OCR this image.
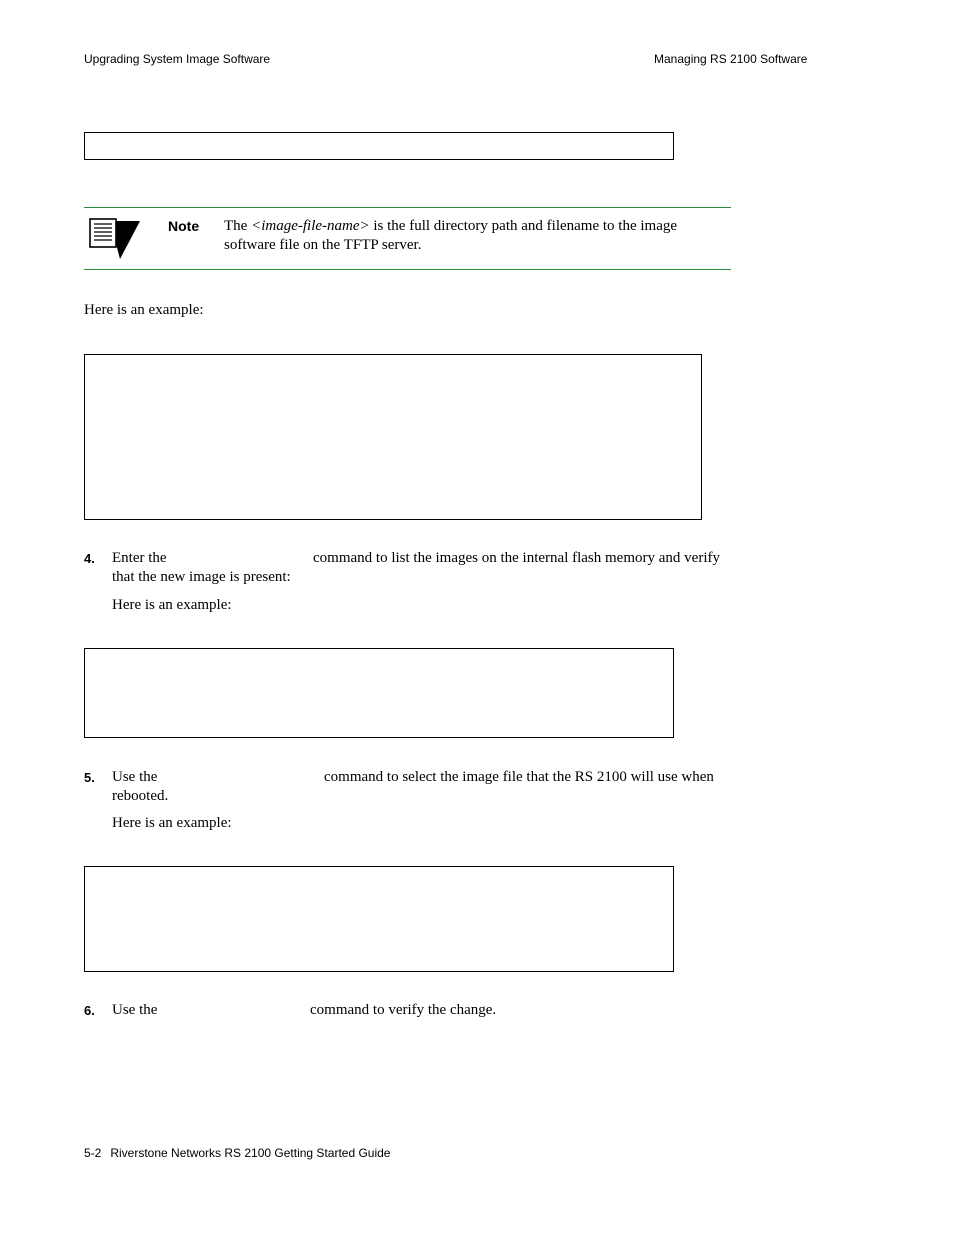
Upgrading System Image Software	Managing RS 2100 Software
Note The <image-file-name> is the full directory path and filename to the image
software file on the TFTP server.
Here is an example:
4. Enter the	command to list the images on the internal flash memory and verify
that the new image is present:
Here is an example:
5. Use the	command to select the image file that the RS 2100 will use when
rebooted.
Here is an example:
6. Use the	command to verify the change.
5-2 Riverstone Networks RS 2100 Getting Started Guide
